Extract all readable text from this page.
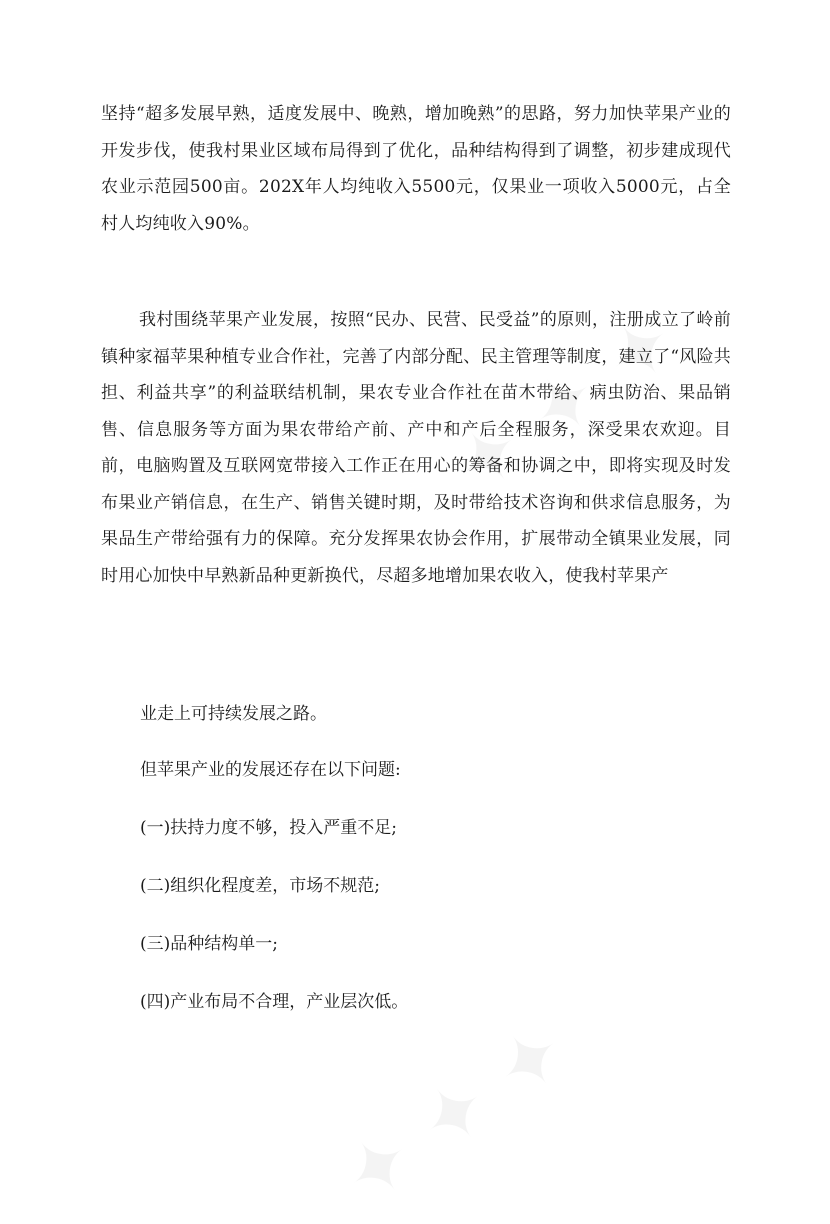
坚持“超多发展早熟，适度发展中、晚熟，增加晚熟”的思路，努力加快苹果产业的开发步伐，使我村果业区域布局得到了优化，品种结构得到了调整，初步建成现代农业示范园500亩。202X年人均纯收入5500元，仅果业一项收入5000元，占全村人均纯收入90%。

我村围绕苹果产业发展，按照“民办、民营、民受益”的原则，注册成立了岭前镇种家福苹果种植专业合作社，完善了内部分配、民主管理等制度，建立了“风险共担、利益共享”的利益联结机制，果农专业合作社在苗木带给、病虫防治、果品销售、信息服务等方面为果农带给产前、产中和产后全程服务，深受果农欢迎。目前，电脑购置及互联网宽带接入工作正在用心的筹备和协调之中，即将实现及时发布果业产销信息，在生产、销售关键时期，及时带给技术咨询和供求信息服务，为果品生产带给强有力的保障。充分发挥果农协会作用，扩展带动全镇果业发展，同时用心加快中早熟新品种更新换代，尽超多地增加果农收入，使我村苹果产

业走上可持续发展之路。

但苹果产业的发展还存在以下问题:

(一)扶持力度不够，投入严重不足;

(二)组织化程度差，市场不规范;

(三)品种结构单一;

(四)产业布局不合理，产业层次低。
